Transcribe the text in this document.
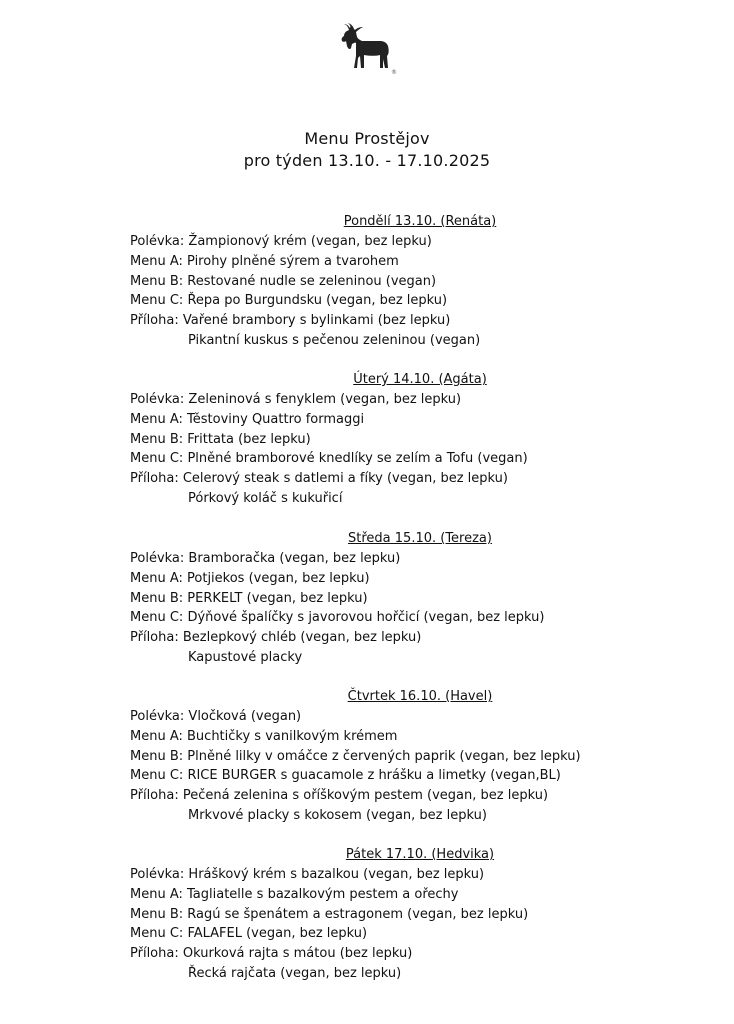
®
Menu Prostějov
pro týden 13.10. - 17.10.2025
Pondělí 13.10. (Renáta)
Polévka: Žampionový krém (vegan, bez lepku)
Menu A: Pirohy plněné sýrem a tvarohem
Menu B: Restované nudle se zeleninou (vegan)
Menu C: Řepa po Burgundsku (vegan, bez lepku)
Příloha: Vařené brambory s bylinkami (bez lepku)
Pikantní kuskus s pečenou zeleninou (vegan)
Úterý 14.10. (Agáta)
Polévka: Zeleninová s fenyklem (vegan, bez lepku)
Menu A: Těstoviny Quattro formaggi
Menu B: Frittata (bez lepku)
Menu C: Plněné bramborové knedlíky se zelím a Tofu (vegan)
Příloha: Celerový steak s datlemi a fíky (vegan, bez lepku)
Pórkový koláč s kukuřicí
Středa 15.10. (Tereza)
Polévka: Bramboračka (vegan, bez lepku)
Menu A: Potjiekos (vegan, bez lepku)
Menu B: PERKELT (vegan, bez lepku)
Menu C: Dýňové špalíčky s javorovou hořčicí (vegan, bez lepku)
Příloha: Bezlepkový chléb (vegan, bez lepku)
Kapustové placky
Čtvrtek 16.10. (Havel)
Polévka: Vločková (vegan)
Menu A: Buchtičky s vanilkovým krémem
Menu B: Plněné lilky v omáčce z červených paprik (vegan, bez lepku)
Menu C: RICE BURGER s guacamole z hrášku a limetky (vegan,BL)
Příloha: Pečená zelenina s oříškovým pestem (vegan, bez lepku)
Mrkvové placky s kokosem (vegan, bez lepku)
Pátek 17.10. (Hedvika)
Polévka: Hráškový krém s bazalkou (vegan, bez lepku)
Menu A: Tagliatelle s bazalkovým pestem a ořechy
Menu B: Ragú se špenátem a estragonem (vegan, bez lepku)
Menu C: FALAFEL (vegan, bez lepku)
Příloha: Okurková rajta s mátou (bez lepku)
Řecká rajčata (vegan, bez lepku)
